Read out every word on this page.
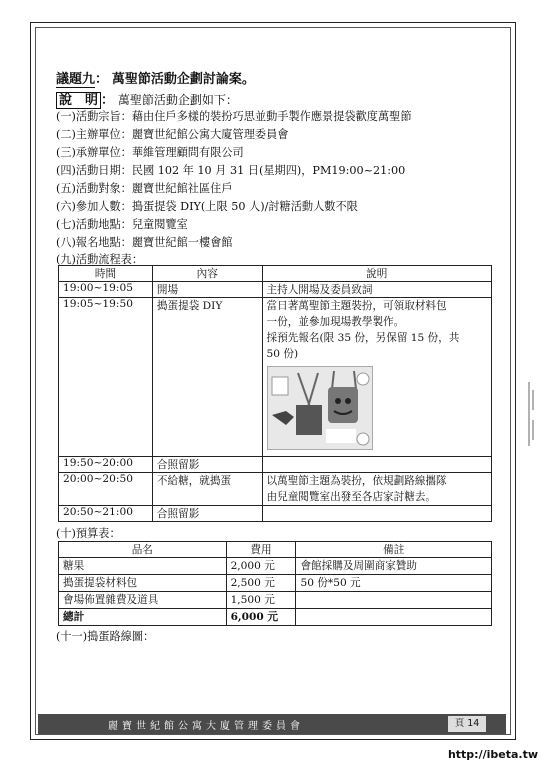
議題九： 萬聖節活動企劃討論案。
說　明 ： 萬聖節活動企劃如下：
(一)活動宗旨：藉由住戶多樣的裝扮巧思並動手製作應景提袋歡度萬聖節
(二)主辦單位：麗寶世紀館公寓大廈管理委員會
(三)承辦單位：華維管理顧問有限公司
(四)活動日期：民國 102 年 10 月 31 日(星期四)，PM19:00~21:00
(五)活動對象：麗寶世紀館社區住戶
(六)參加人數：搗蛋提袋 DIY(上限 50 人)/討糖活動人數不限
(七)活動地點：兒童閱覽室
(八)報名地點：麗寶世紀館一樓會館
(九)活動流程表：
時間	內容	說明
19:00~19:05	開場	主持人開場及委員致詞
19:05~19:50	搗蛋提袋 DIY	當日著萬聖節主題裝扮，可領取材料包
一份，並參加現場教學製作。
採預先報名(限 35 份，另保留 15 份，共
50 份)

19:50~20:00	合照留影	
20:00~20:50	不給糖，就搗蛋	以萬聖節主題為裝扮，依規劃路線攜隊
由兒童閱覽室出發至各店家討糖去。

20:50~21:00	合照留影	
(十)預算表：
品名	費用	備註
糖果	2,000 元	會館採購及周圍商家贊助
搗蛋提袋材料包	2,500 元	50 份*50 元
會場佈置雜費及道具	1,500 元	
總計	6,000 元	
(十一)搗蛋路線圖：
麗寶世紀館公寓大廈管理委員會	頁 14
http://ibeta.tw
